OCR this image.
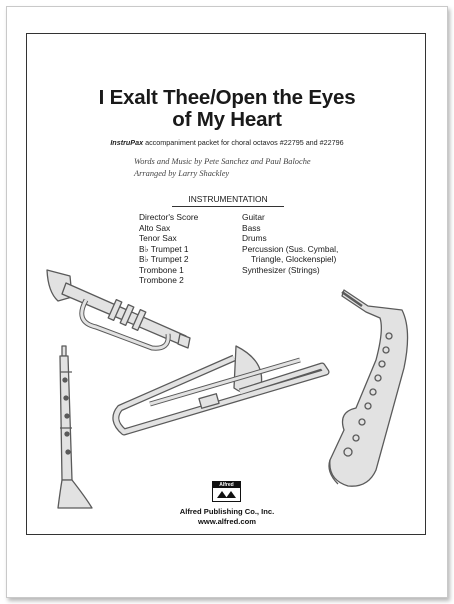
I Exalt Thee/Open the Eyes
of My Heart
InstruPax accompaniment packet for choral octavos #22795 and #22796
Words and Music by Pete Sanchez and Paul Baloche
Arranged by Larry Shackley
INSTRUMENTATION
Director's Score
Alto Sax
Tenor Sax
B♭ Trumpet 1
B♭ Trumpet 2
Trombone 1
Trombone 2
Guitar
Bass
Drums
Percussion (Sus. Cymbal,
Triangle, Glockenspiel)
Synthesizer (Strings)
Alfred
Alfred Publishing Co., Inc.
www.alfred.com
